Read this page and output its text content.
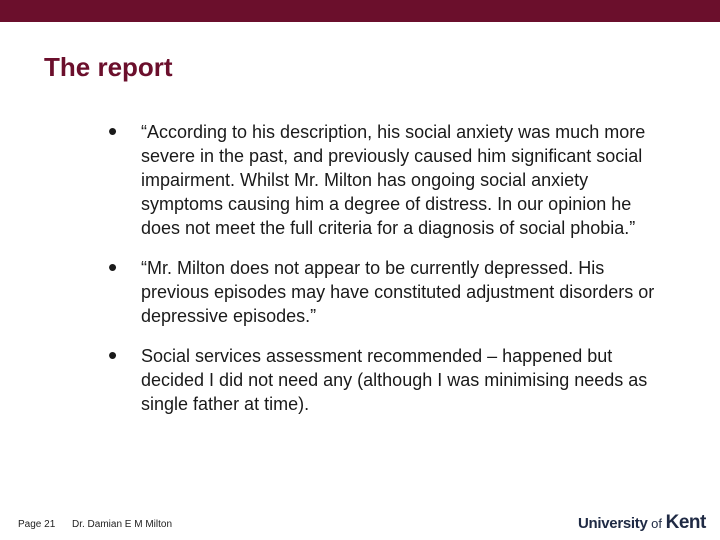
The report
• “According to his description, his social anxiety was much more severe in the past, and previously caused him significant social impairment. Whilst Mr. Milton has ongoing social anxiety symptoms causing him a degree of distress. In our opinion he does not meet the full criteria for a diagnosis of social phobia.”
• “Mr. Milton does not appear to be currently depressed. His previous episodes may have constituted adjustment disorders or depressive episodes.”
• Social services assessment recommended – happened but decided I did not need any (although I was minimising needs as single father at time).
Page 21 Dr. Damian E M Milton	University of Kent
